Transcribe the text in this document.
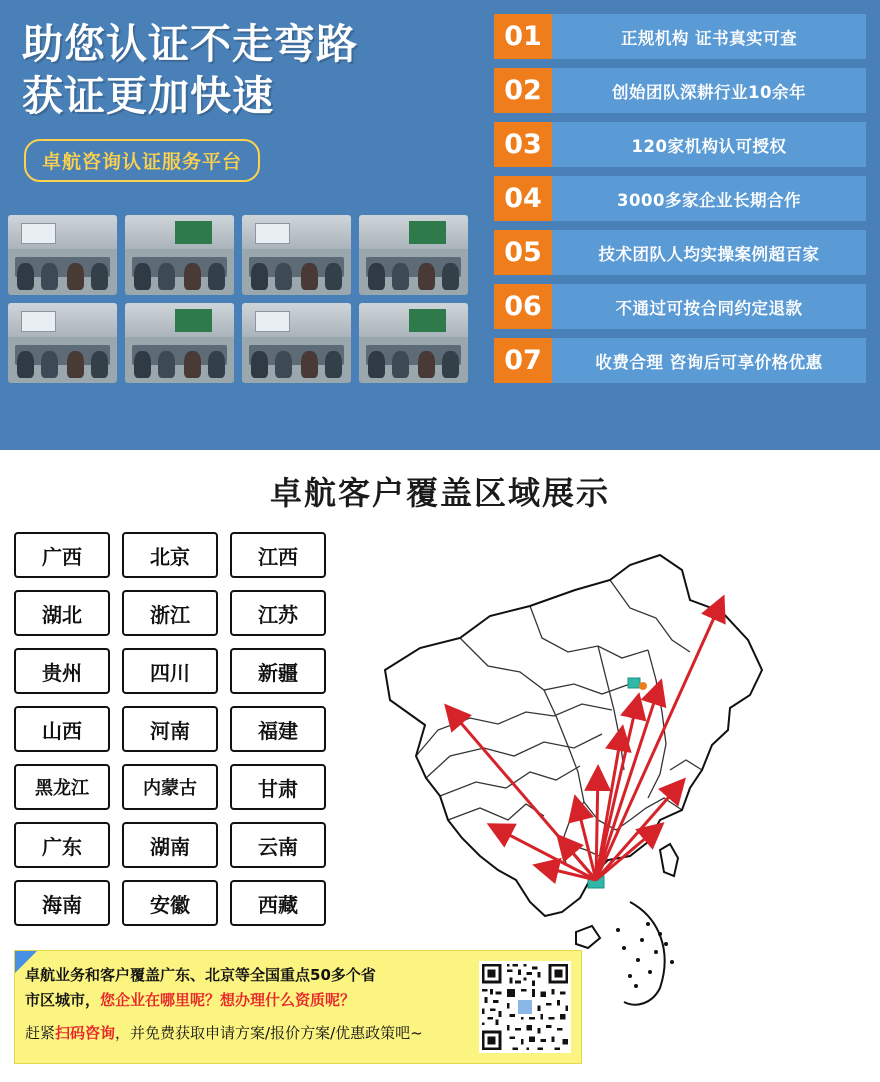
助您认证不走弯路
获证更加快速
卓航咨询认证服务平台
01	正规机构 证书真实可查
02	创始团队深耕行业10余年
03	120家机构认可授权
04	3000多家企业长期合作
05	技术团队人均实操案例超百家
06	不通过可按合同约定退款
07	收费合理 咨询后可享价格优惠
卓航客户覆盖区域展示
广西	北京	江西
湖北	浙江	江苏
贵州	四川	新疆
山西	河南	福建
黑龙江	内蒙古	甘肃
广东	湖南	云南
海南	安徽	西藏

卓航业务和客户覆盖广东、北京等全国重点50多个省

市区城市，您企业在哪里呢？想办理什么资质呢？

赶紧扫码咨询，并免费获取申请方案/报价方案/优惠政策吧~
